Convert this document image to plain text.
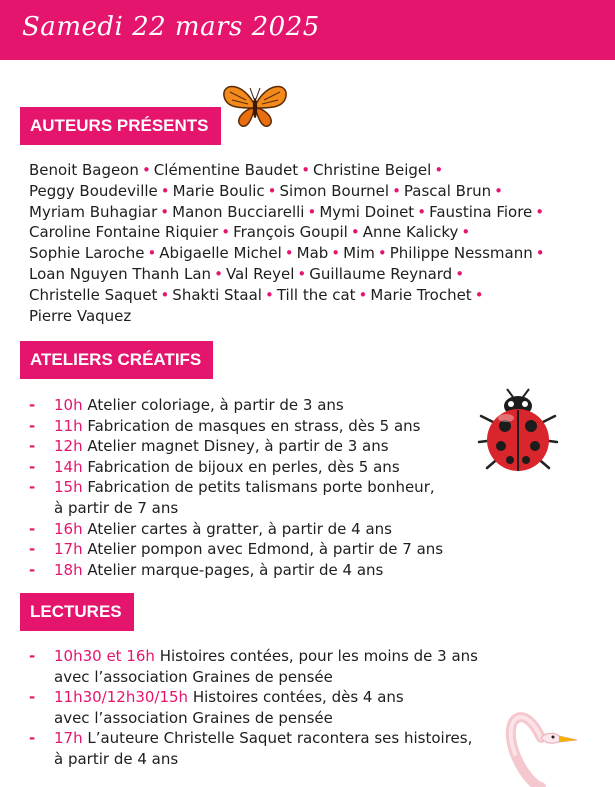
Samedi 22 mars 2025
AUTEURS PRÉSENTS
Benoit Bageon • Clémentine Baudet • Christine Beigel •
Peggy Boudeville • Marie Boulic • Simon Bournel • Pascal Brun •
Myriam Buhagiar • Manon Bucciarelli • Mymi Doinet • Faustina Fiore •
Caroline Fontaine Riquier • François Goupil • Anne Kalicky •
Sophie Laroche • Abigaelle Michel • Mab • Mim • Philippe Nessmann •
Loan Nguyen Thanh Lan • Val Reyel • Guillaume Reynard •
Christelle Saquet • Shakti Staal • Till the cat • Marie Trochet •
Pierre Vaquez
ATELIERS CRÉATIFS
- 10h Atelier coloriage, à partir de 3 ans
- 11h Fabrication de masques en strass, dès 5 ans
- 12h Atelier magnet Disney, à partir de 3 ans
- 14h Fabrication de bijoux en perles, dès 5 ans
- 15h Fabrication de petits talismans porte bonheur,
à partir de 7 ans
- 16h Atelier cartes à gratter, à partir de 4 ans
- 17h Atelier pompon avec Edmond, à partir de 7 ans
- 18h Atelier marque-pages, à partir de 4 ans
LECTURES
- 10h30 et 16h Histoires contées, pour les moins de 3 ans
avec l’association Graines de pensée
- 11h30/12h30/15h Histoires contées, dès 4 ans
avec l’association Graines de pensée
- 17h L’auteure Christelle Saquet racontera ses histoires,
à partir de 4 ans
